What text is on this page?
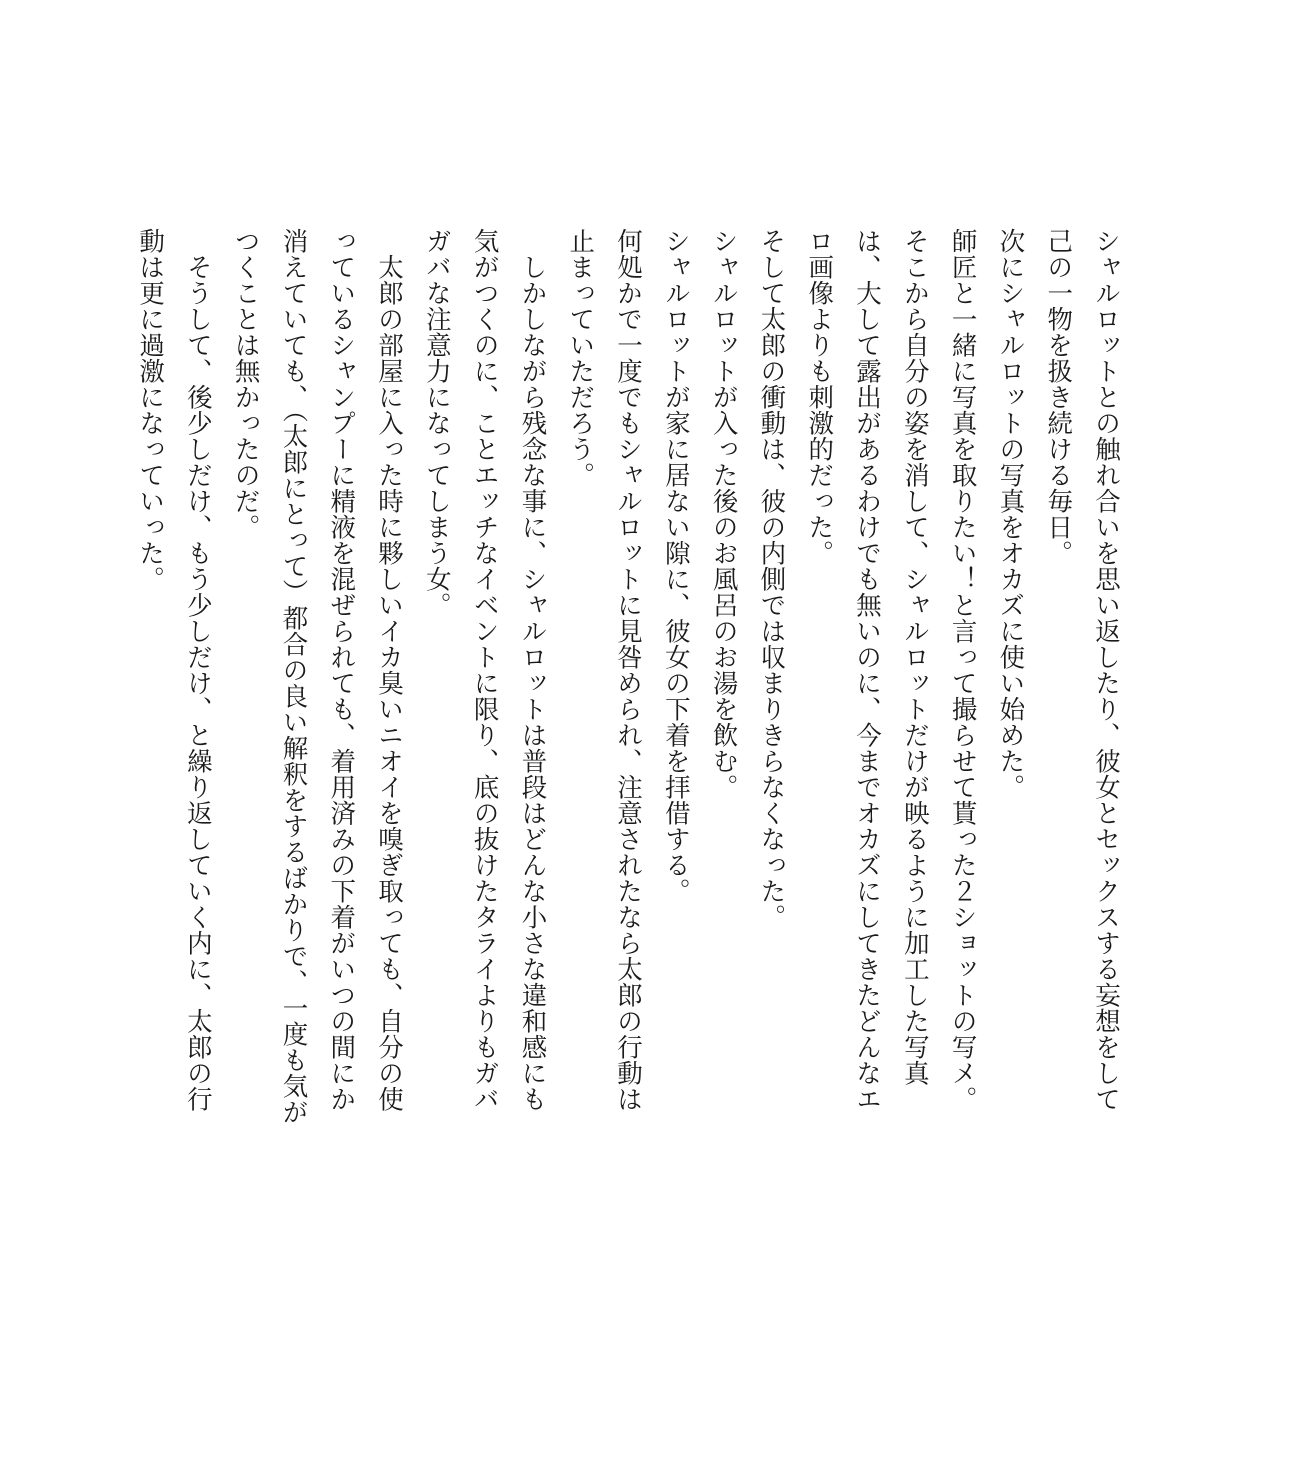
シャルロットとの触れ合いを思い返したり、彼女とセックスする妄想をして己の一物を扱き続ける毎日。

次にシャルロットの写真をオカズに使い始めた。

師匠と一緒に写真を取りたい！と言って撮らせて貰った２ショットの写メ。

そこから自分の姿を消して、シャルロットだけが映るように加工した写真は、大して露出があるわけでも無いのに、今までオカズにしてきたどんなエロ画像よりも刺激的だった。

そして太郎の衝動は、彼の内側では収まりきらなくなった。

シャルロットが入った後のお風呂のお湯を飲む。

シャルロットが家に居ない隙に、彼女の下着を拝借する。

何処かで一度でもシャルロットに見咎められ、注意されたなら太郎の行動は止まっていただろう。

しかしながら残念な事に、シャルロットは普段はどんな小さな違和感にも気がつくのに、ことエッチなイベントに限り、底の抜けたタライよりもガバガバな注意力になってしまう女。

太郎の部屋に入った時に夥しいイカ臭いニオイを嗅ぎ取っても、自分の使っているシャンプーに精液を混ぜられても、着用済みの下着がいつの間にか消えていても、（太郎にとって）都合の良い解釈をするばかりで、一度も気がつくことは無かったのだ。

そうして、後少しだけ、もう少しだけ、と繰り返していく内に、太郎の行動は更に過激になっていった。
